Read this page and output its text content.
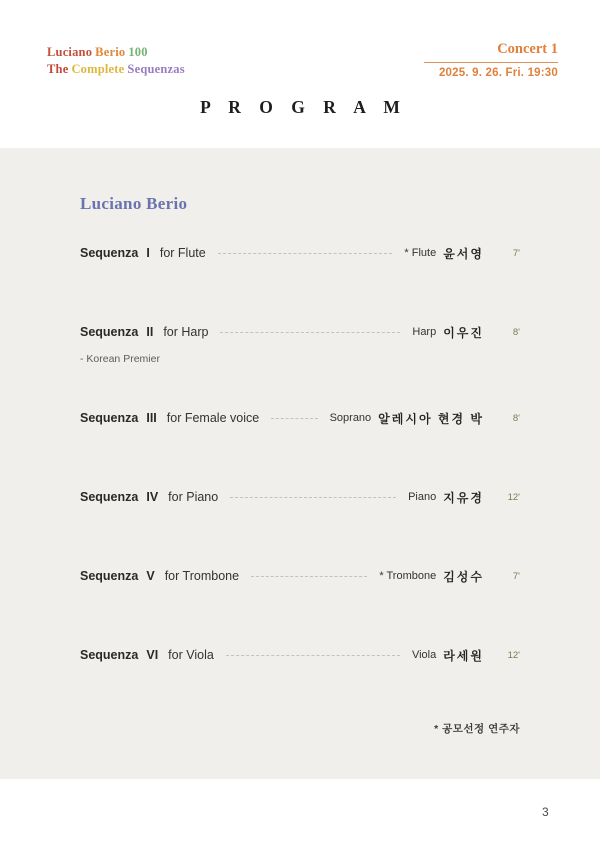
Luciano Berio 100
The Complete Sequenzas
Concert 1
2025. 9. 26. Fri. 19:30
P R O G R A M
Luciano Berio
Sequenza I for Flute	* Flute 윤서영	7'
Sequenza II for Harp	Harp 이우진	8'
- Korean Premier
Sequenza III for Female voice	Soprano 알레시아 현경 박	8'
Sequenza IV for Piano	Piano 지유경	12'
Sequenza V for Trombone	* Trombone 김성수	7'
Sequenza VI for Viola	Viola 라세원	12'
* 공모선정 연주자
3
